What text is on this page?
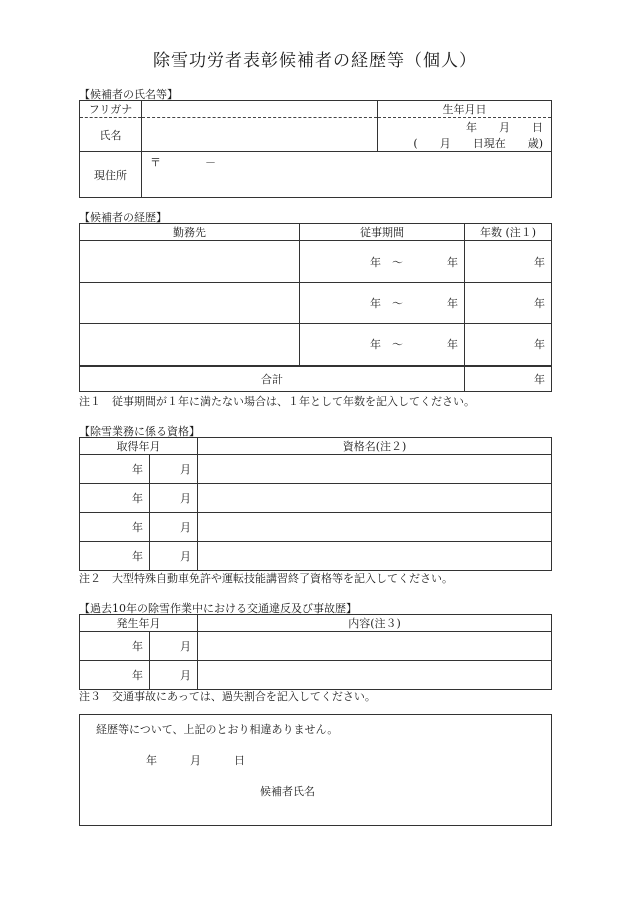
除雪功労者表彰候補者の経歴等（個人）
【候補者の氏名等】
フリガナ		生年月日
氏名		年　　月　　日
(　　月　　日現在　　歳)

現住所	〒　　　　－	
【候補者の経歴】
勤務先	従事期間	年数 (注１)
	年　～　　　　年	年
	年　～　　　　年	年
	年　～　　　　年	年
合計		年
注１　従事期間が１年に満たない場合は、１年として年数を記入してください。
【除雪業務に係る資格】
取得年月		資格名(注２)
年	月	
年	月	
年	月	
年	月	
注２　大型特殊自動車免許や運転技能講習終了資格等を記入してください。
【過去10年の除雪作業中における交通違反及び事故歴】
発生年月		内容(注３)
年	月	
年	月	
注３　交通事故にあっては、過失割合を記入してください。
経歴等について、上記のとおり相違ありません。
年　　　月　　　日
候補者氏名
